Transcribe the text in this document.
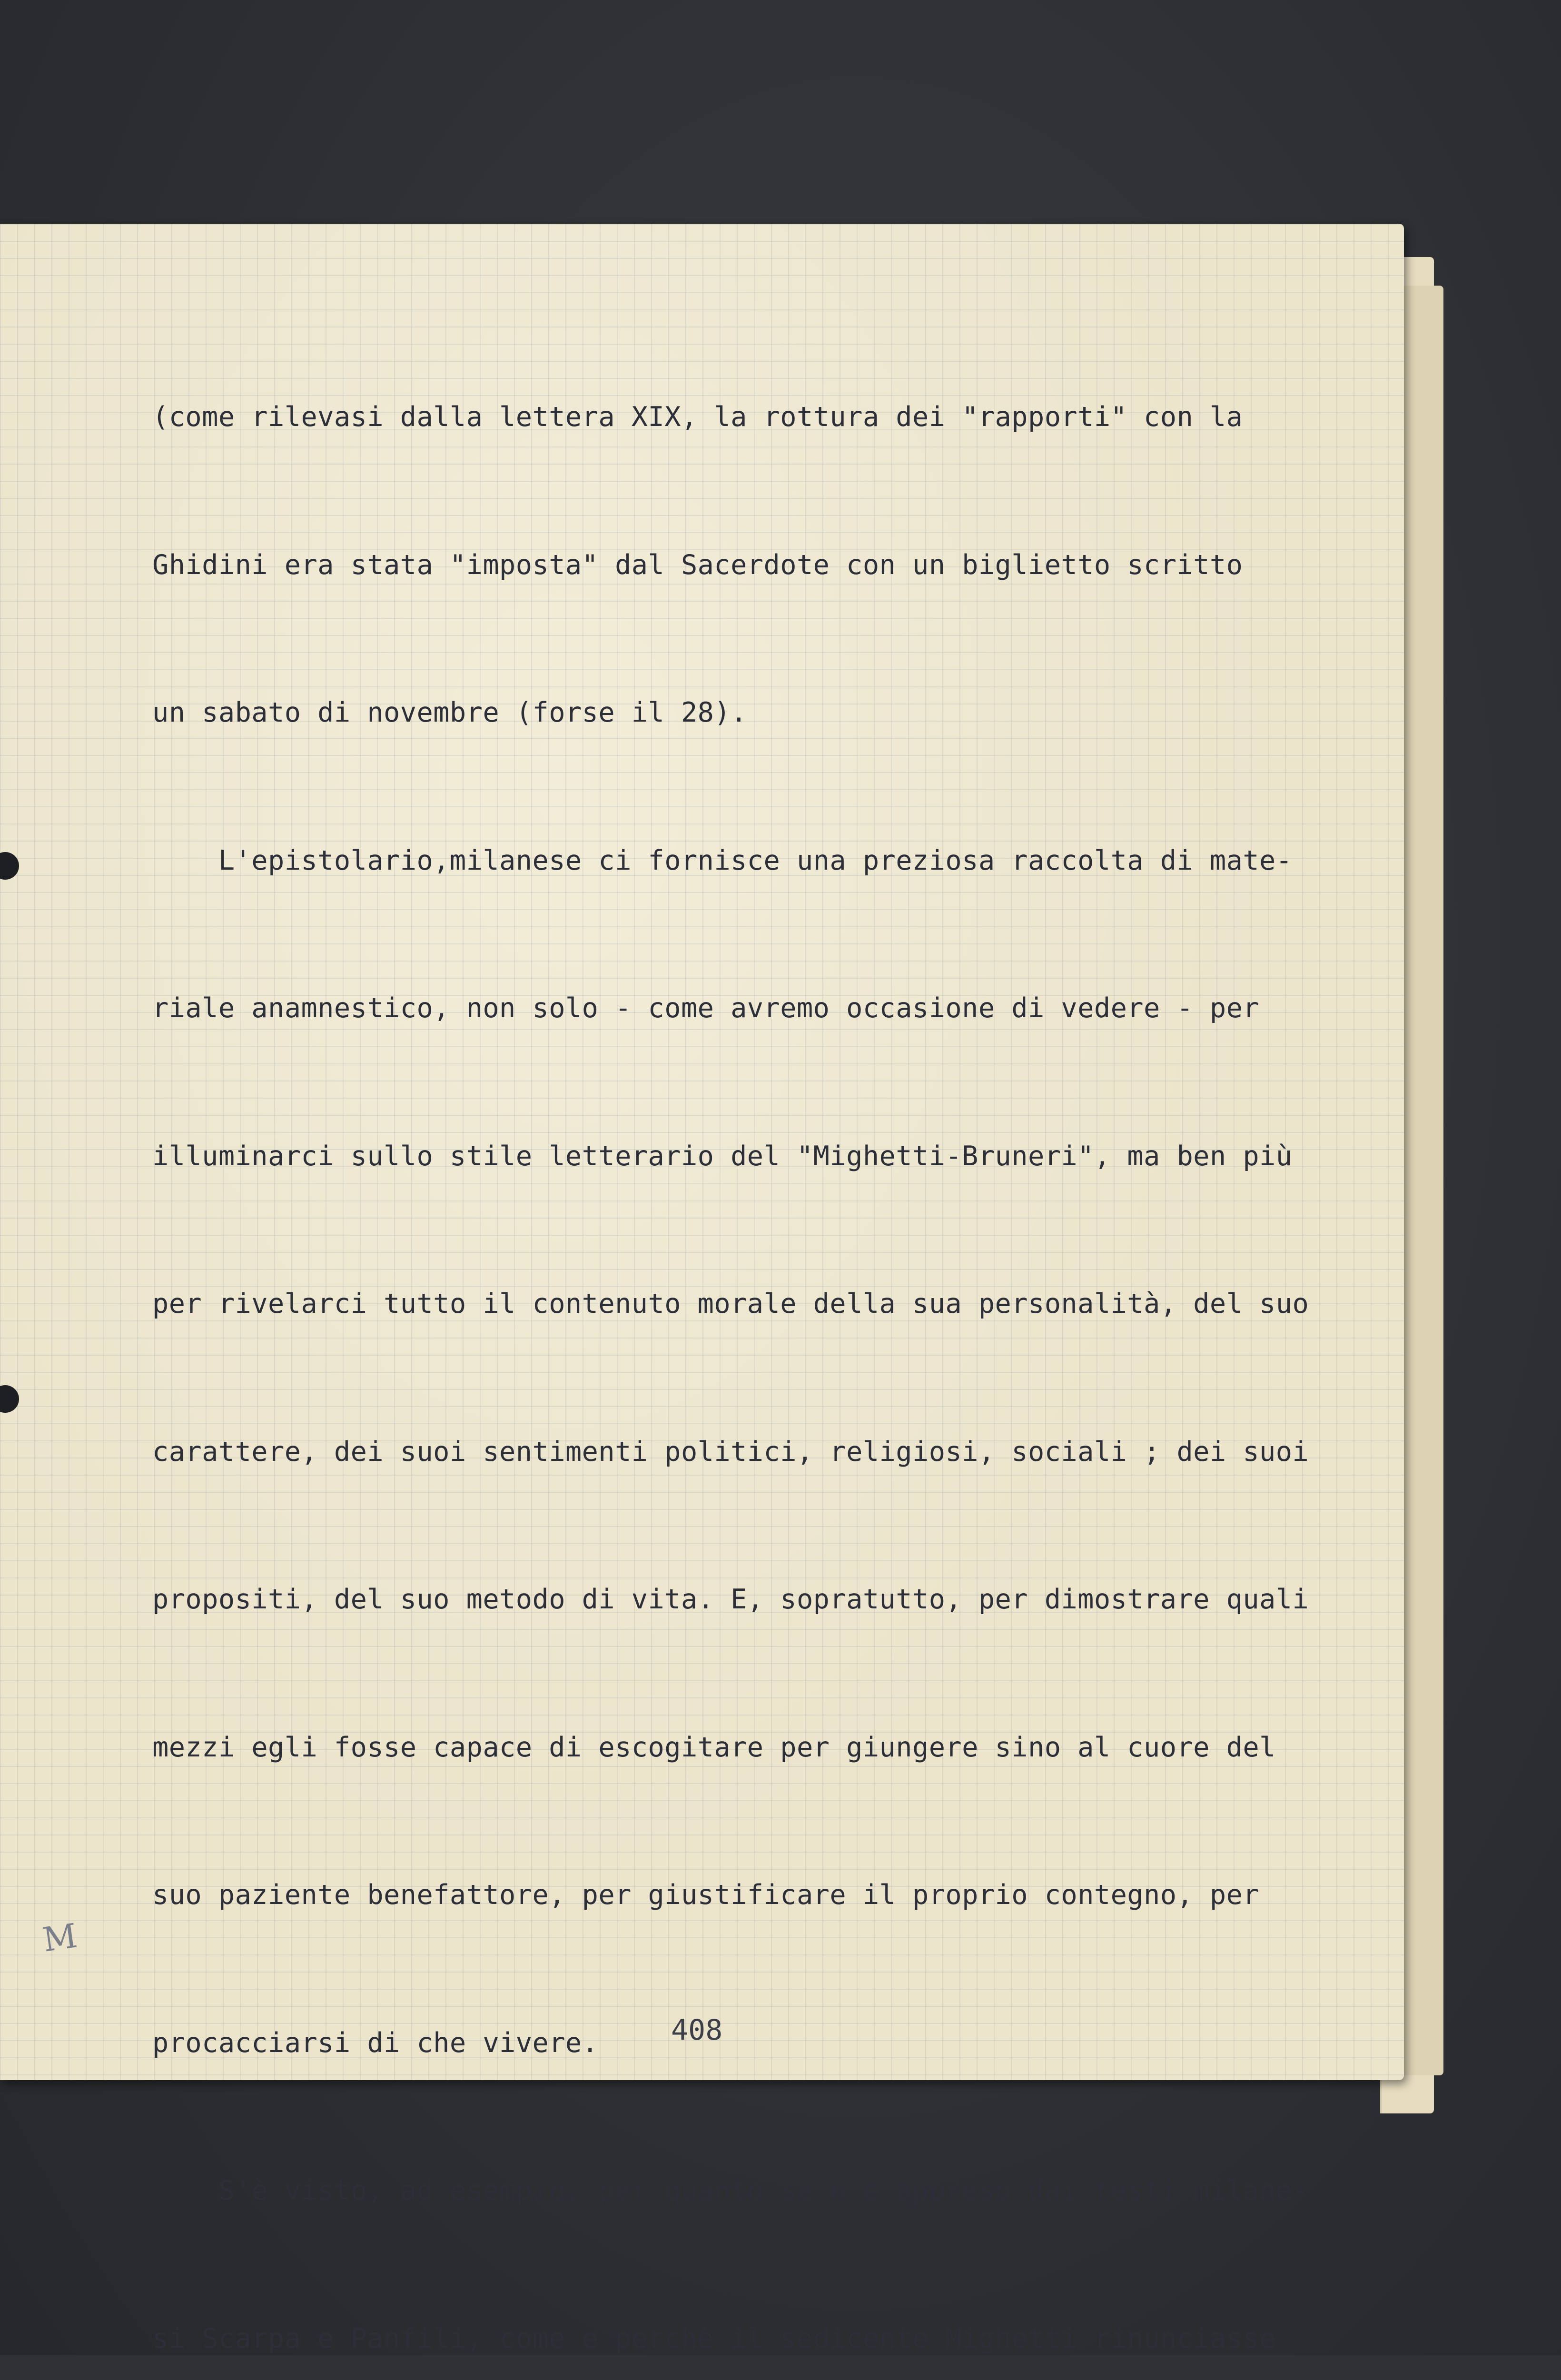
M

(come rilevasi dalla lettera XIX, la rottura dei "rapporti" con la

Ghidini era stata "imposta" dal Sacerdote con un biglietto scritto

un sabato di novembre (forse il 28).

L'epistolario,milanese ci fornisce una preziosa raccolta di mate-

riale anamnestico, non solo - come avremo occasione di vedere - per

illuminarci sullo stile letterario del "Mighetti-Bruneri", ma ben più

per rivelarci tutto il contenuto morale della sua personalità, del suo

carattere, dei suoi sentimenti politici, religiosi, sociali ; dei suoi

propositi, del suo metodo di vita. E, sopratutto, per dimostrare quali

mezzi egli fosse capace di escogitare per giungere sino al cuore del

suo paziente benefattore, per giustificare il proprio contegno, per

procacciarsi di che vivere.

S'è visto, ad esempio, per quanto se n'è appreso dai testi milane-

si Scarpa e Panfili, come e perchè il sedicente Mighetti rinunciasse

408
